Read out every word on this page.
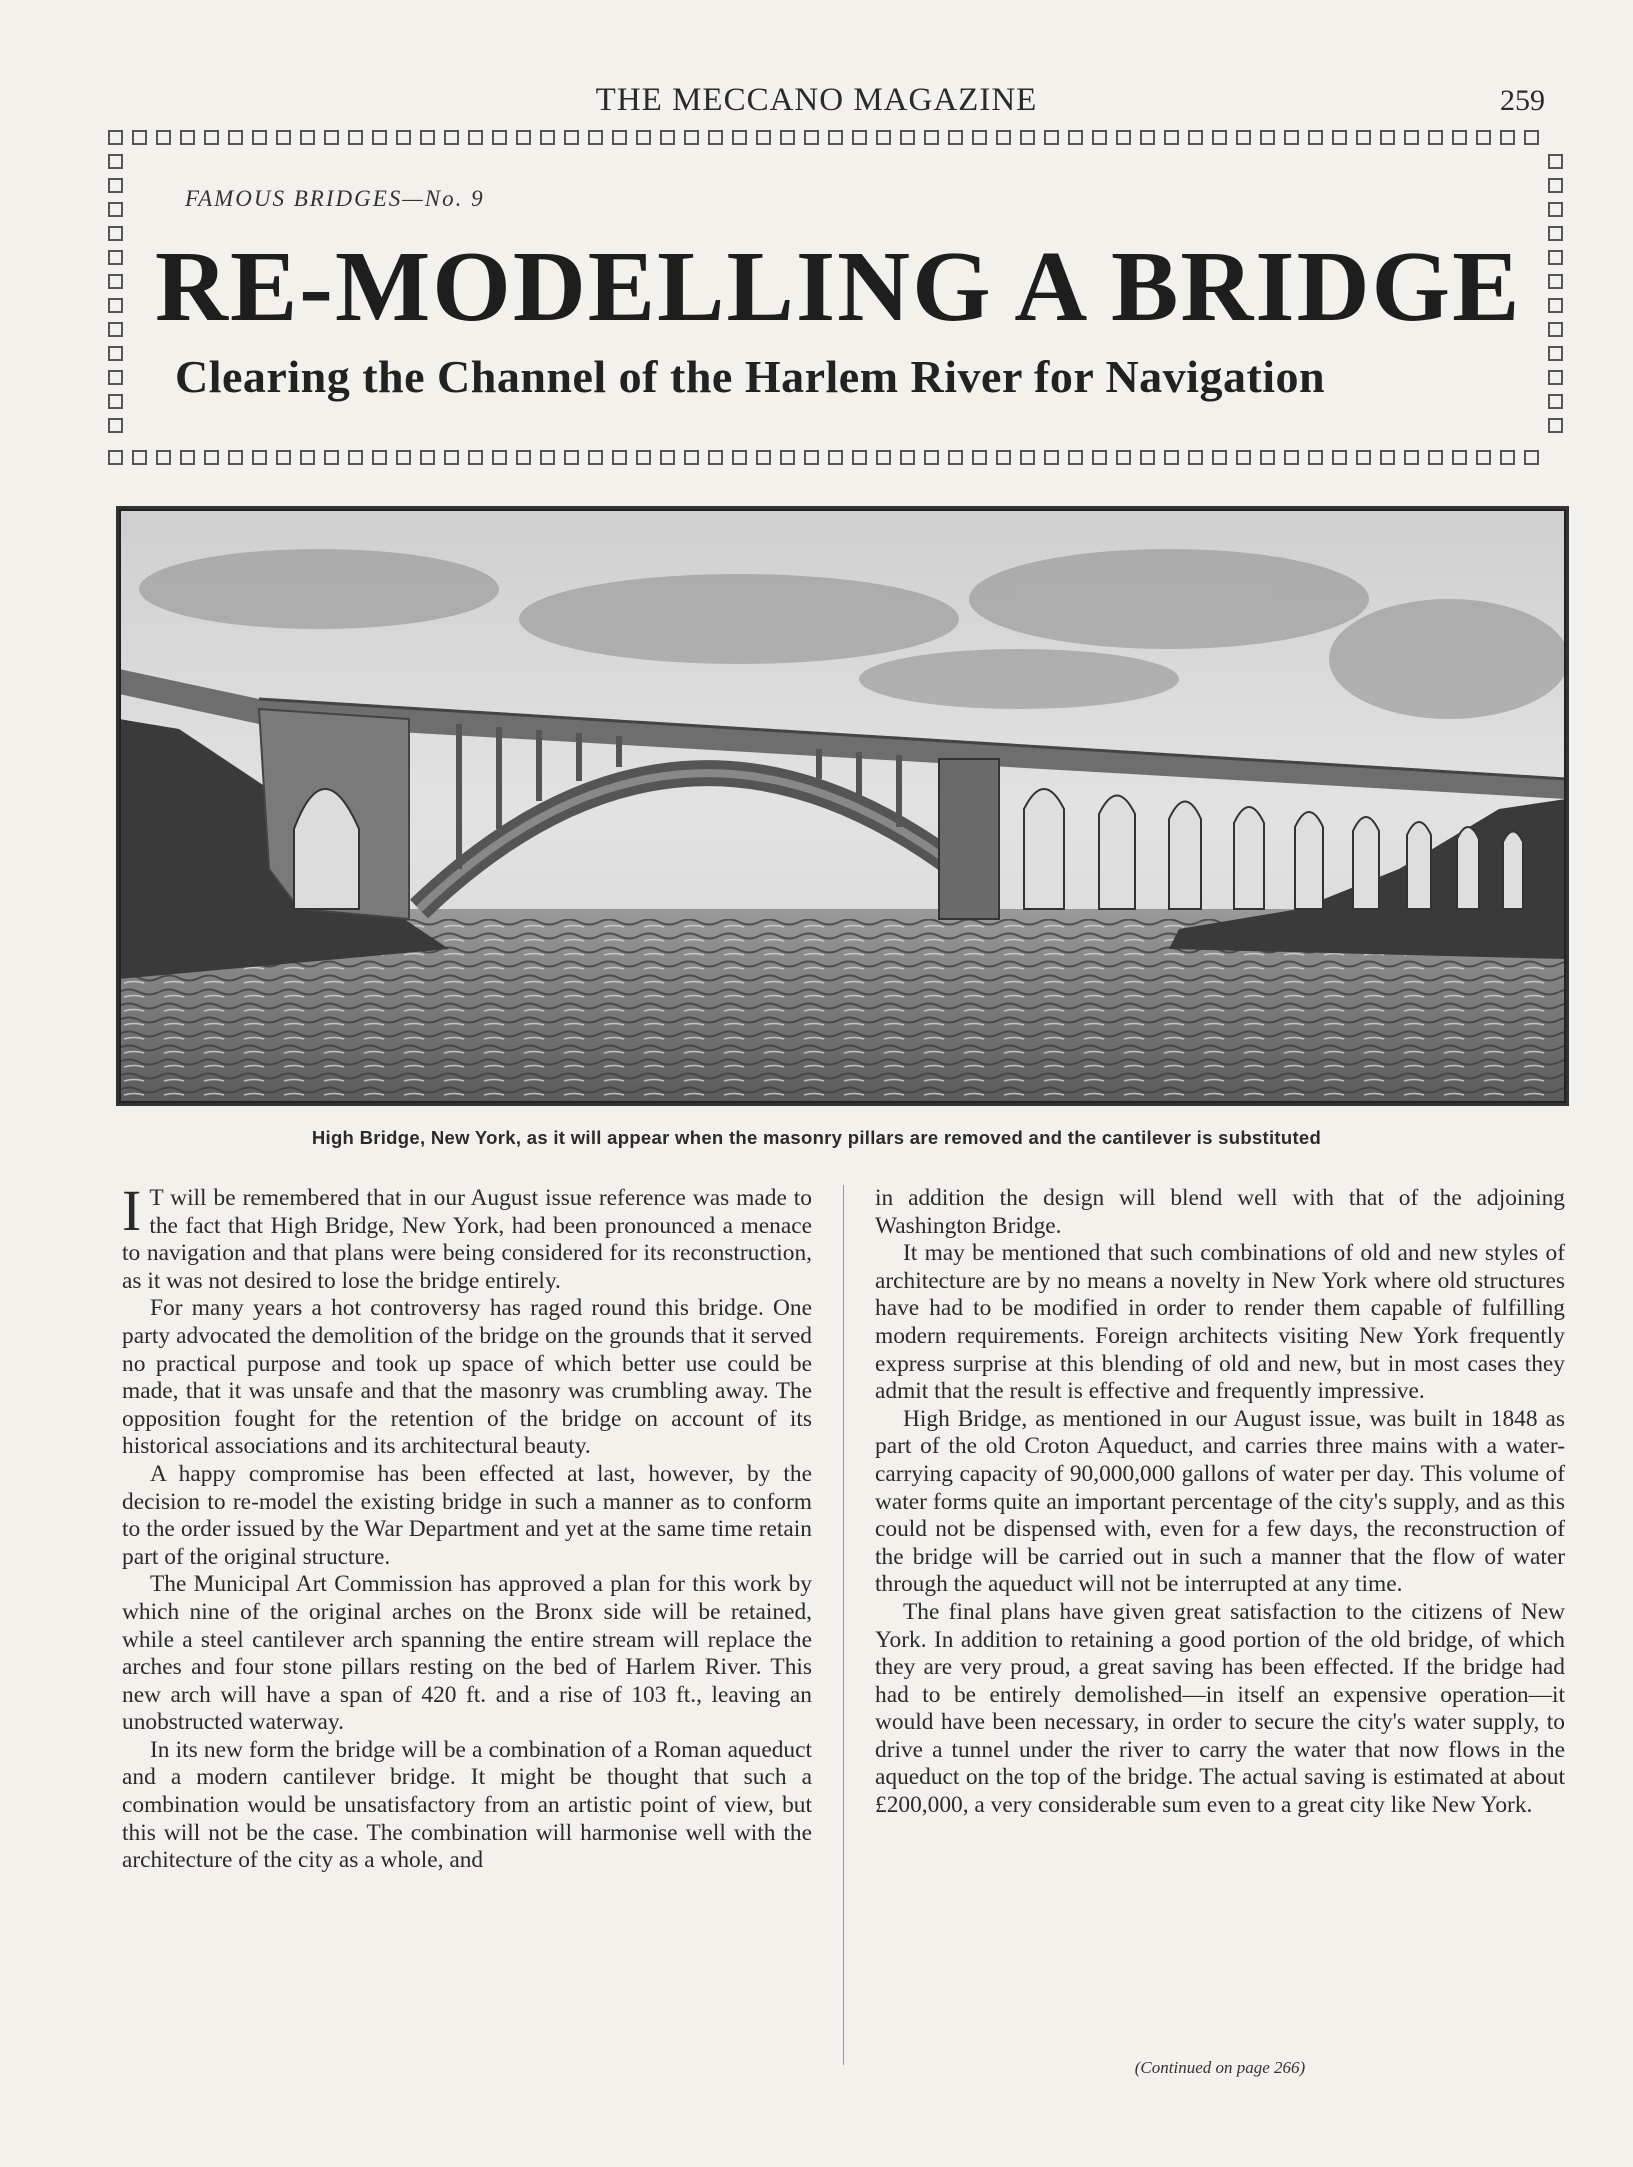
THE MECCANO MAGAZINE	259
FAMOUS BRIDGES—No. 9
RE-MODELLING A BRIDGE
Clearing the Channel of the Harlem River for Navigation
High Bridge, New York, as it will appear when the masonry pillars are removed and the cantilever is substituted

I T will be remembered that in our August issue reference was made to the fact that High Bridge, New York, had been pronounced a menace to navigation and that plans were being considered for its reconstruction, as it was not desired to lose the bridge entirely.

For many years a hot controversy has raged round this bridge. One party advocated the demolition of the bridge on the grounds that it served no practical purpose and took up space of which better use could be made, that it was unsafe and that the masonry was crumbling away. The opposition fought for the retention of the bridge on account of its historical associations and its architectural beauty.

A happy compromise has been effected at last, however, by the decision to re-model the existing bridge in such a manner as to conform to the order issued by the War Department and yet at the same time retain part of the original structure.

The Municipal Art Commission has approved a plan for this work by which nine of the original arches on the Bronx side will be retained, while a steel cantilever arch spanning the entire stream will replace the arches and four stone pillars resting on the bed of Harlem River. This new arch will have a span of 420 ft. and a rise of 103 ft., leaving an unobstructed waterway.

In its new form the bridge will be a combination of a Roman aqueduct and a modern cantilever bridge. It might be thought that such a combination would be unsatisfactory from an artistic point of view, but this will not be the case. The combination will harmonise well with the architecture of the city as a whole, and

in addition the design will blend well with that of the adjoining Washington Bridge.

It may be mentioned that such combinations of old and new styles of architecture are by no means a novelty in New York where old structures have had to be modified in order to render them capable of fulfilling modern requirements. Foreign architects visiting New York frequently express surprise at this blending of old and new, but in most cases they admit that the result is effective and frequently impressive.

High Bridge, as mentioned in our August issue, was built in 1848 as part of the old Croton Aqueduct, and carries three mains with a water-carrying capacity of 90,000,000 gallons of water per day. This volume of water forms quite an important percentage of the city's supply, and as this could not be dispensed with, even for a few days, the reconstruction of the bridge will be carried out in such a manner that the flow of water through the aqueduct will not be interrupted at any time.

The final plans have given great satisfaction to the citizens of New York. In addition to retaining a good portion of the old bridge, of which they are very proud, a great saving has been effected. If the bridge had had to be entirely demolished—in itself an expensive operation—it would have been necessary, in order to secure the city's water supply, to drive a tunnel under the river to carry the water that now flows in the aqueduct on the top of the bridge. The actual saving is estimated at about £200,000, a very considerable sum even to a great city like New York.

(Continued on page 266)
